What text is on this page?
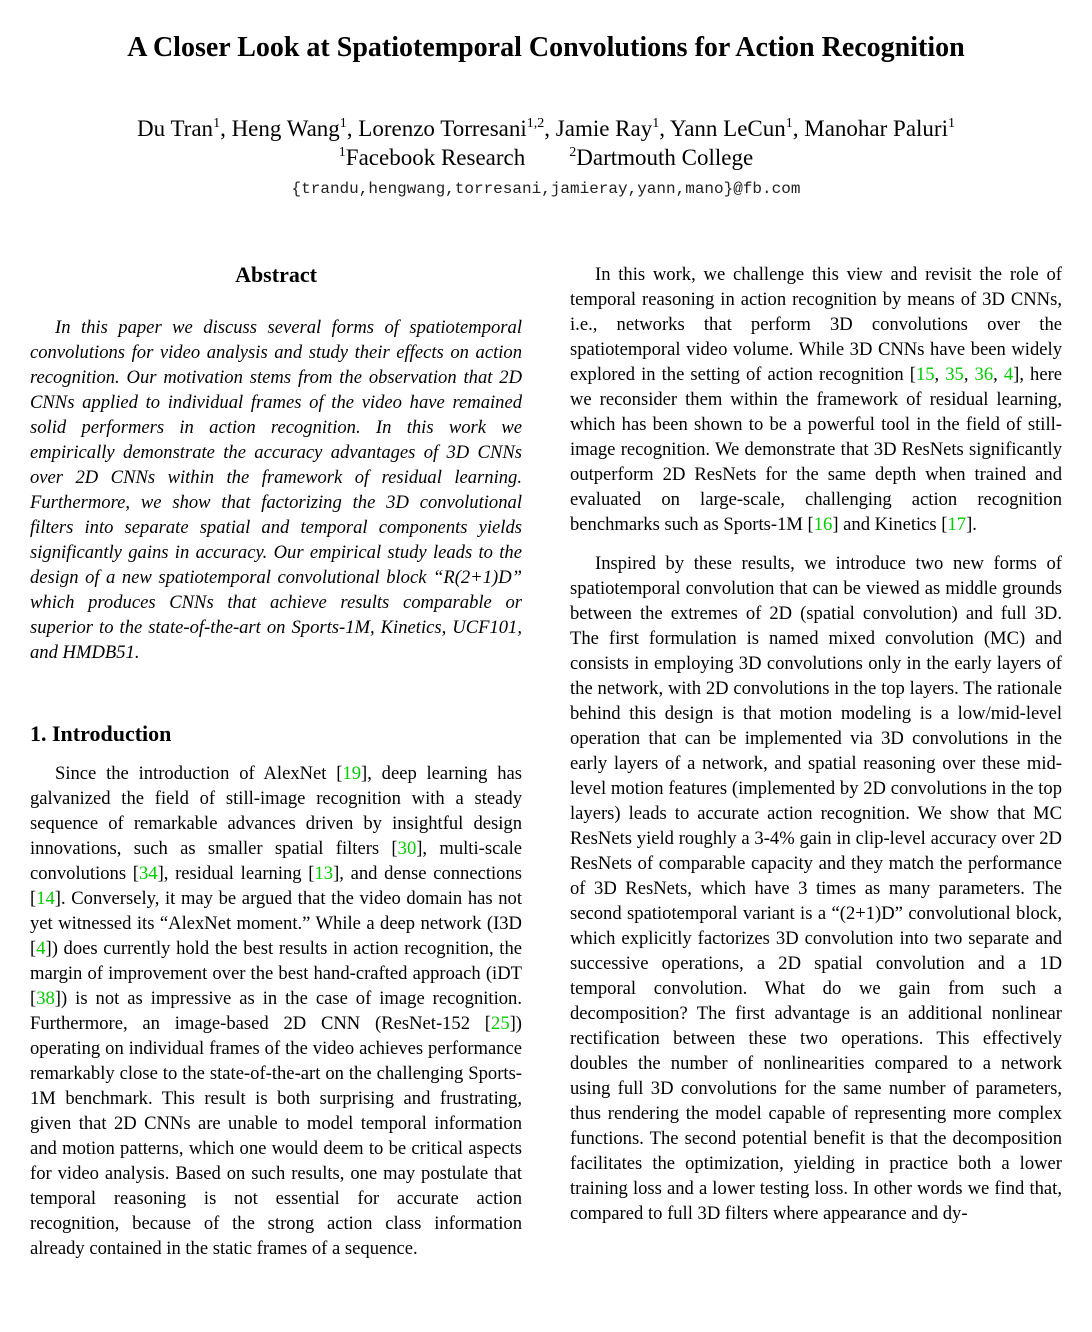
A Closer Look at Spatiotemporal Convolutions for Action Recognition
Du Tran$^1$, Heng Wang$^1$, Lorenzo Torresani$^{1,2}$, Jamie Ray$^1$, Yann LeCun$^1$, Manohar Paluri$^1$
$^1$Facebook Research	$^2$Dartmouth College
{trandu,hengwang,torresani,jamieray,yann,mano}@fb.com
Abstract

In this paper we discuss several forms of spatiotemporal convolutions for video analysis and study their effects on action recognition. Our motivation stems from the observation that 2D CNNs applied to individual frames of the video have remained solid performers in action recognition. In this work we empirically demonstrate the accuracy advantages of 3D CNNs over 2D CNNs within the framework of residual learning. Furthermore, we show that factorizing the 3D convolutional filters into separate spatial and temporal components yields significantly gains in accuracy. Our empirical study leads to the design of a new spatiotemporal convolutional block “R(2+1)D” which produces CNNs that achieve results comparable or superior to the state-of-the-art on Sports-1M, Kinetics, UCF101, and HMDB51.

1. Introduction

Since the introduction of AlexNet [19], deep learning has galvanized the field of still-image recognition with a steady sequence of remarkable advances driven by insightful design innovations, such as smaller spatial filters [30], multi-scale convolutions [34], residual learning [13], and dense connections [14]. Conversely, it may be argued that the video domain has not yet witnessed its “AlexNet moment.” While a deep network (I3D [4]) does currently hold the best results in action recognition, the margin of improvement over the best hand-crafted approach (iDT [38]) is not as impressive as in the case of image recognition. Furthermore, an image-based 2D CNN (ResNet-152 [25]) operating on individual frames of the video achieves performance remarkably close to the state-of-the-art on the challenging Sports-1M benchmark. This result is both surprising and frustrating, given that 2D CNNs are unable to model temporal information and motion patterns, which one would deem to be critical aspects for video analysis. Based on such results, one may postulate that temporal reasoning is not essential for accurate action recognition, because of the strong action class information already contained in the static frames of a sequence.

In this work, we challenge this view and revisit the role of temporal reasoning in action recognition by means of 3D CNNs, i.e., networks that perform 3D convolutions over the spatiotemporal video volume. While 3D CNNs have been widely explored in the setting of action recognition [15, 35, 36, 4], here we reconsider them within the framework of residual learning, which has been shown to be a powerful tool in the field of still-image recognition. We demonstrate that 3D ResNets significantly outperform 2D ResNets for the same depth when trained and evaluated on large-scale, challenging action recognition benchmarks such as Sports-1M [16] and Kinetics [17].

Inspired by these results, we introduce two new forms of spatiotemporal convolution that can be viewed as middle grounds between the extremes of 2D (spatial convolution) and full 3D. The first formulation is named mixed convolution (MC) and consists in employing 3D convolutions only in the early layers of the network, with 2D convolutions in the top layers. The rationale behind this design is that motion modeling is a low/mid-level operation that can be implemented via 3D convolutions in the early layers of a network, and spatial reasoning over these mid-level motion features (implemented by 2D convolutions in the top layers) leads to accurate action recognition. We show that MC ResNets yield roughly a 3-4% gain in clip-level accuracy over 2D ResNets of comparable capacity and they match the performance of 3D ResNets, which have 3 times as many parameters. The second spatiotemporal variant is a “(2+1)D” convolutional block, which explicitly factorizes 3D convolution into two separate and successive operations, a 2D spatial convolution and a 1D temporal convolution. What do we gain from such a decomposition? The first advantage is an additional nonlinear rectification between these two operations. This effectively doubles the number of nonlinearities compared to a network using full 3D convolutions for the same number of parameters, thus rendering the model capable of representing more complex functions. The second potential benefit is that the decomposition facilitates the optimization, yielding in practice both a lower training loss and a lower testing loss. In other words we find that, compared to full 3D filters where appearance and dy-
